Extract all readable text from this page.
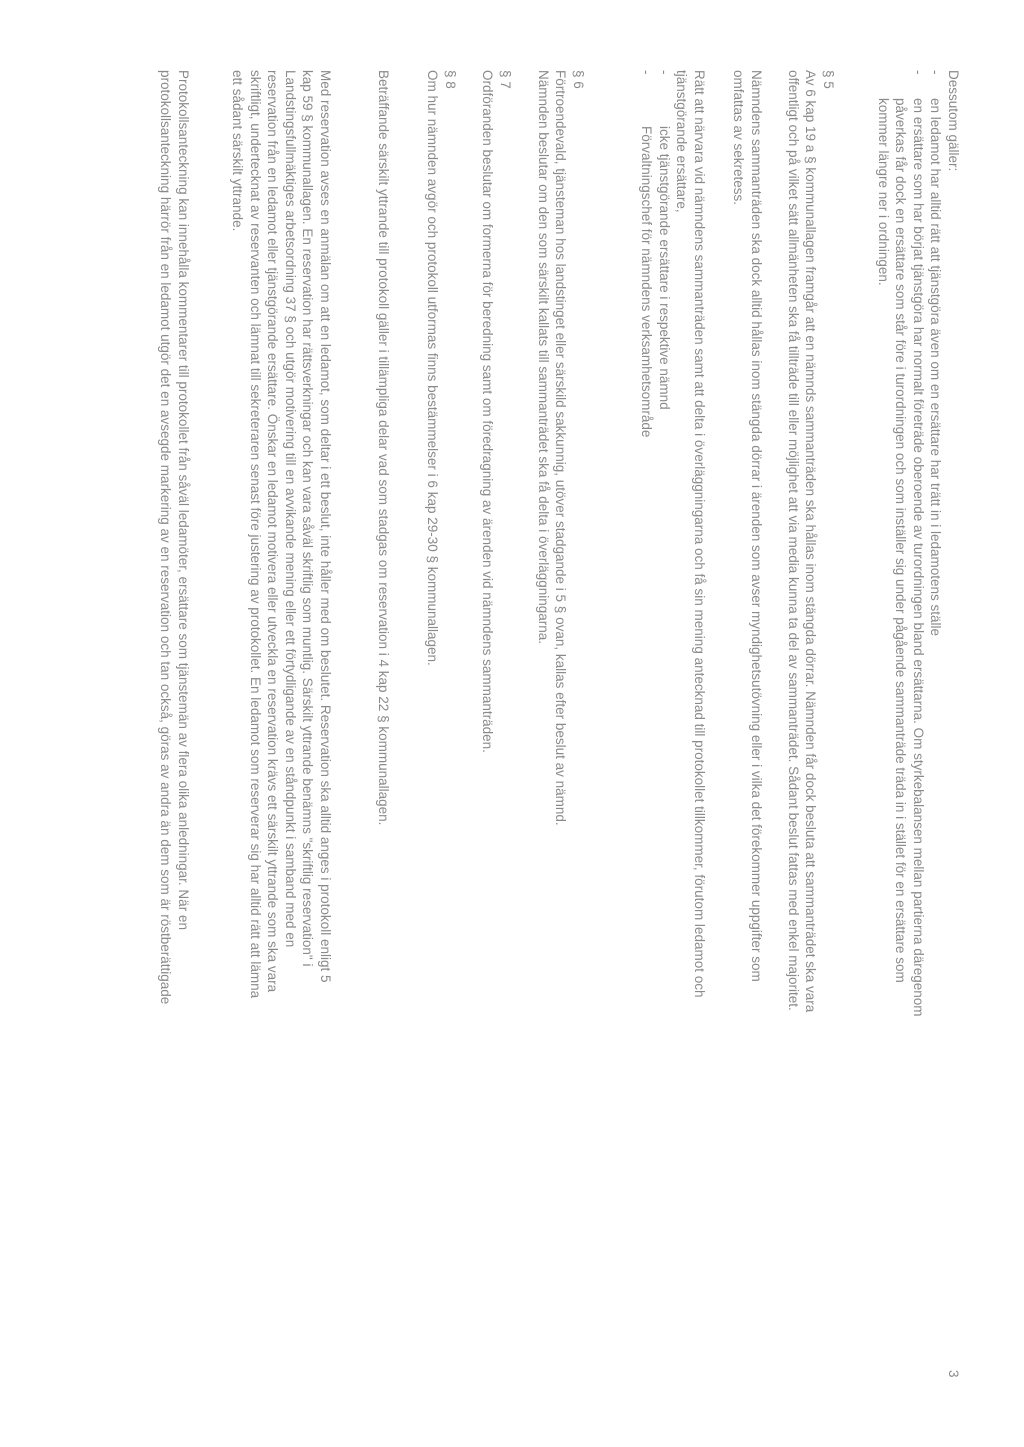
3

Dessutom gäller:

-
en ledamot har alltid rätt att tjänstgöra även om en ersättare har trätt in i ledamotens ställe
-
en ersättare som har börjat tjänstgöra har normalt företräde oberoende av turordningen bland ersättarna. Om styrkebalansen mellan partierna däregenom
påverkas får dock en ersättare som står före i turordningen och som inställer sig under pågående sammanträde träda in i stället för en ersättare som
kommer längre ner i ordningen.
§ 5
Av 6 kap 19 a § kommunallagen framgår att en nämnds sammanträden ska hållas inom stängda dörrar. Nämnden får dock besluta att sammanträdet ska vara
offentligt och på vilket sätt allmänheten ska få tillträde till eller möjlighet att via media kunna ta del av sammanträdet. Sådant beslut fattas med enkel majoritet.
Nämndens sammanträden ska dock alltid hållas inom stängda dörrar i ärenden som avser myndighetsutövning eller i vilka det förekommer uppgifter som
omfattas av sekretess.
Rätt att närvara vid nämndens sammanträden samt att delta i överläggningarna och få sin mening antecknad till protokollet tillkommer, förutom ledamot och
tjänstgörande ersättare,
-
icke tjänstgörande ersättare i respektive nämnd
-
Förvaltningschef för nämndens verksamhetsområde
§ 6
Förtroendevald, tjänsteman hos landstinget eller särskild sakkunnig, utöver stadgande i 5 § ovan, kallas efter beslut av nämnd.
Nämnden beslutar om den som särskilt kallats till sammanträdet ska få delta i överläggningarna.
§ 7
Ordföranden beslutar om formerna för beredning samt om föredragning av ärenden vid nämndens sammanträden.
§ 8
Om hur nämnden avgör och protokoll utformas finns bestämmelser i 6 kap 29-30 § kommunallagen.
Beträffande särskilt yttrande till protokoll gäller i tillämpliga delar vad som stadgas om reservation i 4 kap 22 § kommunallagen.
Med reservation avses en anmälan om att en ledamot, som deltar i ett beslut, inte håller med om beslutet. Reservation ska alltid anges i protokoll enligt 5
kap 59 § kommunallagen. En reservation har rättsverkningar och kan vara såväl skriftlig som muntlig. Särskilt yttrande benämns "skriftlig reservation" i
Landstingsfullmäktiges arbetsordning 37 § och utgör motivering till en avvikande mening eller ett förtydligande av en ståndpunkt i samband med en
reservation från en ledamot eller tjänstgörande ersättare. Önskar en ledamot motivera eller utveckla en reservation krävs ett särskilt yttrande som ska vara
skriftligt, undertecknat av reservanten och lämnat till sekreteraren senast före justering av protokollet. En ledamot som reserverar sig har alltid rätt att lämna
ett sådant särskilt yttrande.
Protokollsanteckning kan innehålla kommentarer till protokollet från såväl ledamöter, ersättare som tjänstemän av flera olika anledningar. När en
protokollsanteckning härrör från en ledamot utgör det en avsegde markering av en reservation och tan också, göras av andra än dem som är röstberättigade
